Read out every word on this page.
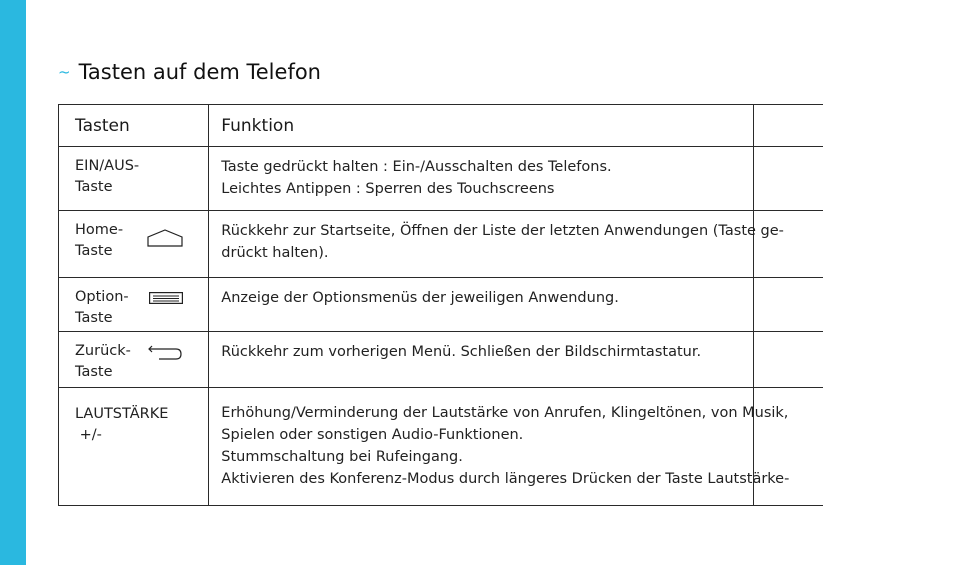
~ Tasten auf dem Telefon
Tasten	Funktion	

EIN/AUS-
Taste	Taste gedrückt halten : Ein-/Ausschalten des Telefons.
Leichtes Antippen : Sperren des Touchscreens	

Home-
Taste	Rückkehr zur Startseite, Öffnen der Liste der letzten Anwendungen (Taste ge-
drückt halten).	

Option-
Taste	Anzeige der Optionsmenüs der jeweiligen Anwendung.	

Zurück-
Taste	Rückkehr zum vorherigen Menü. Schließen der Bildschirmtastatur.	

LAUTSTÄRKE
+/-	Erhöhung/Verminderung der Lautstärke von Anrufen, Klingeltönen, von Musik,
Spielen oder sonstigen Audio-Funktionen.
Stummschaltung bei Rufeingang.
Aktivieren des Konferenz-Modus durch längeres Drücken der Taste Lautstärke-	
